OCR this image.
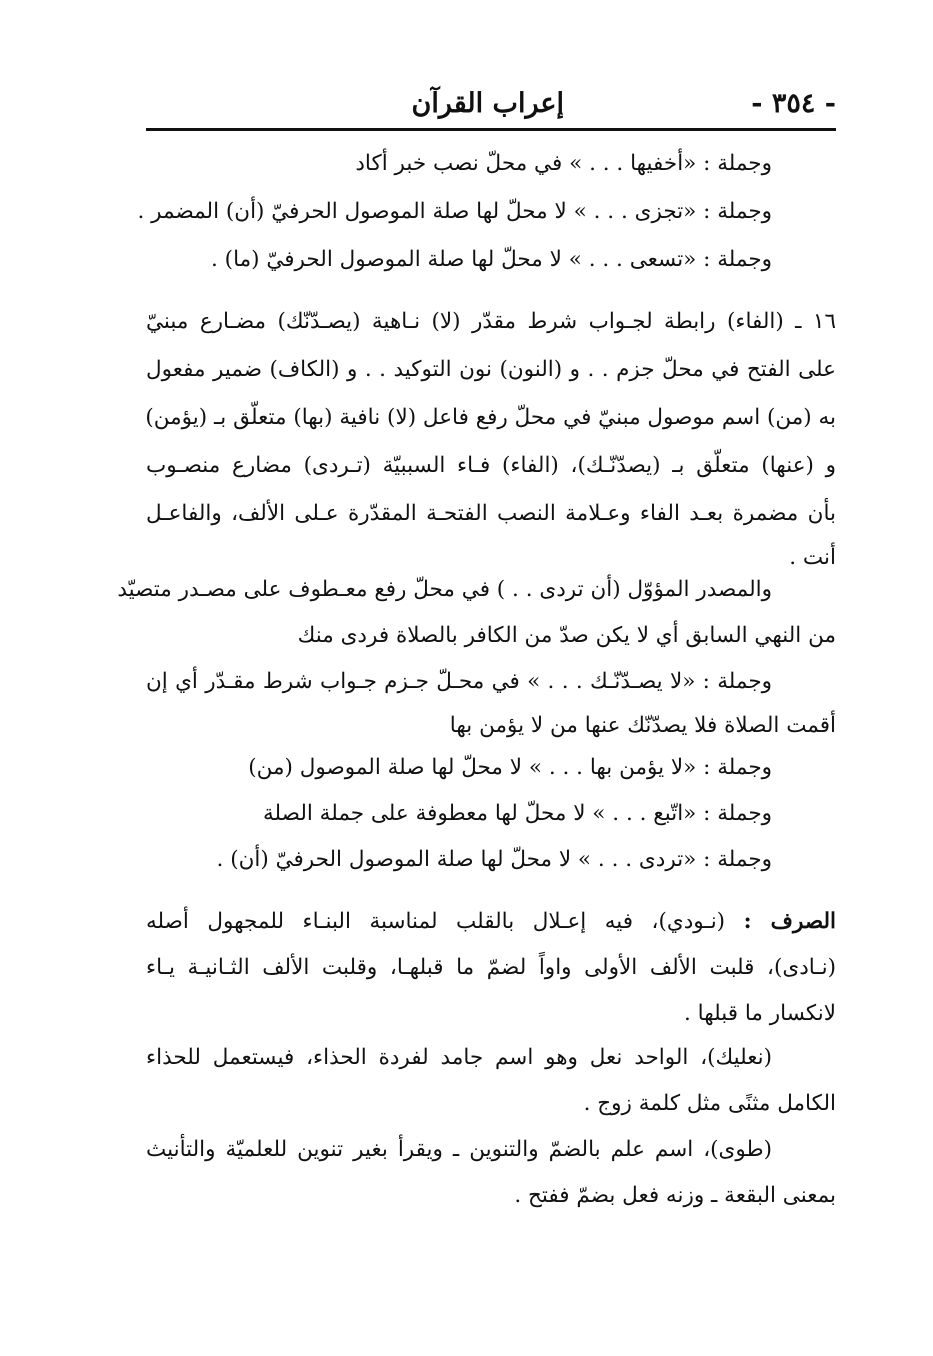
- ٣٥٤ -
إعراب القرآن
وجملة : «أخفيها . . . » في محلّ نصب خبر أكاد
وجملة : «تجزى . . . » لا محلّ لها صلة الموصول الحرفيّ (أن) المضمر .
وجملة : «تسعى . . . » لا محلّ لها صلة الموصول الحرفيّ (ما) .
١٦ ـ (الفاء) رابطة لجـواب شرط مقدّر (لا) نـاهية (يصـدّنّك) مضـارع مبنيّ
على الفتح في محلّ جزم . . و (النون) نون التوكيد . . و (الكاف) ضمير مفعول
به (من) اسم موصول مبنيّ في محلّ رفع فاعل (لا) نافية (بها) متعلّق بـ (يؤمن)
و (عنها) متعلّق بـ (يصدّنّـك)، (الفاء) فـاء السببيّة (تـردى) مضارع منصـوب
بأن مضمرة بعـد الفاء وعـلامة النصب الفتحـة المقدّرة عـلى الألف، والفاعـل
أنت .
والمصدر المؤوّل (أن تردى . . ) في محلّ رفع معـطوف على مصـدر متصيّد
من النهي السابق أي لا يكن صدّ من الكافر بالصلاة فردى منك
وجملة : «لا يصـدّنّـك . . . » في محـلّ جـزم جـواب شرط مقـدّر أي إن
أقمت الصلاة فلا يصدّنّك عنها من لا يؤمن بها
وجملة : «لا يؤمن بها . . . » لا محلّ لها صلة الموصول (من)
وجملة : «اتّبع . . . » لا محلّ لها معطوفة على جملة الصلة
وجملة : «تردى . . . » لا محلّ لها صلة الموصول الحرفيّ (أن) .
الصرف : (نـودي)، فيه إعـلال بالقلب لمناسبة البنـاء للمجهول أصله
(نـادى)، قلبت الألف الأولى واواً لضمّ ما قبلهـا، وقلبت الألف الثـانيـة يـاء
لانكسار ما قبلها .
(نعليك)، الواحد نعل وهو اسم جامد لفردة الحذاء، فيستعمل للحذاء
الكامل مثنًى مثل كلمة زوج .
(طوى)، اسم علم بالضمّ والتنوين ـ ويقرأ بغير تنوين للعلميّة والتأنيث
بمعنى البقعة ـ وزنه فعل بضمّ ففتح .
